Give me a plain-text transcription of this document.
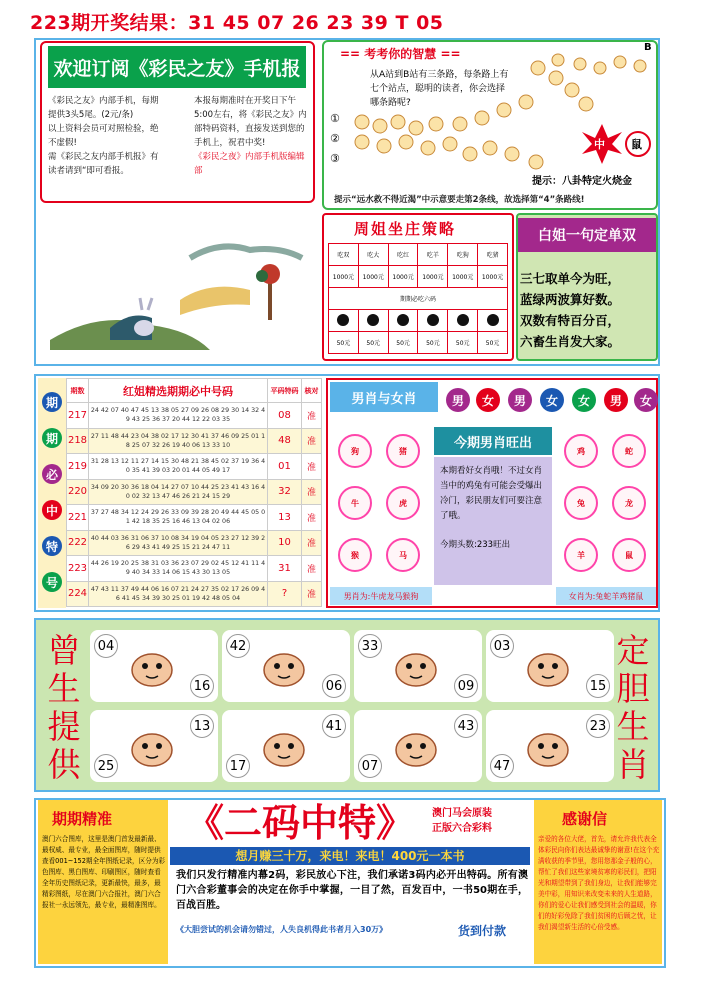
223期开奖结果：31 45 07 26 23 39 T 05
欢迎订阅《彩民之友》手机报
《彩民之友》内部手机，每期提供3头5尾。(2元/条)
以上资料会员可对照检验，绝不虚假!
需《彩民之友内部手机报》有读者请到“即可看报。
本报每期准时在开奖日下午5:00左右，将《彩民之友》内部特码资料，直接发送到您的手机上，祝君中奖!
《彩民之夜》内部手机版编辑部
== 考考你的智慧 ==
从A站到B站有三条路，每条路上有七个站点，聪明的读者，你会选择哪条路呢?
B
①
②
③
中 鼠
提示：八卦特定火烧金
提示“远水救不得近渴”中示意要走第2条线，故选择第“4”条路线!
周姐坐庄策略
吃双	吃大	吃红	吃羊	吃狗	吃猪
1000元	1000元	1000元	1000元	1000元	1000元
期期必吃六码					

50元	50元	50元	50元	50元	50元
白姐一句定单双
三七取单今为旺，
蓝绿两波算好数。
双数有特百分百，
六畜生肖发大家。
期
期
必
中
特
号
期数	红姐精选期期必中号码	平码特码	核对
217	24 42 07 40 47 45 13 38 05 27 09 26 08 29 30 14 32 49 43 25 36 37 20 44 12 22 03 35	08	准
218	27 11 48 44 23 04 38 02 17 12 30 41 37 46 09 25 01 18 25 07 32 26 19 40 06 13 33 10	48	准
219	31 28 13 12 11 27 14 15 30 48 21 38 45 02 37 19 36 40 35 41 39 03 20 01 44 05 49 17	01	准
220	34 09 20 30 36 18 04 14 27 07 10 44 25 23 41 43 16 40 02 32 13 47 46 26 21 24 15 29	32	准
221	37 27 48 34 12 24 29 26 33 09 39 28 20 49 44 45 05 01 42 18 35 25 16 46 13 04 02 06	13	准
222	40 44 03 36 31 06 37 10 08 34 19 04 05 23 27 12 39 26 29 43 41 49 25 15 21 24 47 11	10	准
223	44 26 19 20 25 38 31 03 36 23 07 29 02 45 12 41 11 49 40 34 33 14 06 15 43 30 13 05	31	准
224	47 43 11 37 49 44 06 16 07 21 24 27 35 02 17 26 09 46 41 45 34 39 30 25 01 19 42 48 05 04	?	准
男肖与女肖	男	女	男	女	女	男	女
狗	猪
牛	虎
猴	马
鸡	蛇
兔	龙
羊	鼠
今期男肖旺出
本期看好女肖哦！不过女肖当中的鸡兔有可能会受爆出冷门，彩民朋友们可要注意了哦。
今期头数:233旺出
男肖为:牛虎龙马猴狗	女肖为:兔蛇羊鸡猪鼠
曾
生
提
供
定
胆
生
肖
04
16
42
06
33
09
03
15
13
25
41
17
43
07
23
47
期期精准
澳门六合图库，这里是澳门首发最新最、最权威、最专业，最全面图库，随时提供查看001~152期全年图纸记录，区分为彩色图库、黑白图库、印刷图区，随时查看全年历史图纸记录，更新最快，最多，最精彩图纸，尽在澳门六合报社，澳门六合报社一永远领先，最专业，最精准图库。
《二码中特》	澳门马会原装
正版六合彩料
想月赚三十万，来电！来电！400元一本书
我们只发行精准内幕2码，彩民放心下注，我们承诺3码内必开出特码。所有澳门六合彩董事会的决定在你手中掌握，一目了然，百发百中，一书50期在手，百战百胜。
《大胆尝试的机会请勿错过，人失良机得此书者月入30万》	货到付款
感谢信
亲爱的各位大佬，首先，请允许我代表全体彩民向你们表达最诚挚的谢意!在这个充满收获的季节里，您用您那金子般的心，帮忙了我们这些家境贫寒的彩民们，把阳光和期望带到了我们身边，让我们能够完美中彩，用知识来改变未来的人生道路，你们的爱心让我们感受到社会的温暖，你们的好彩免除了我们贫困的后顾之忧，让我们渴望新生活的心倍受感。
